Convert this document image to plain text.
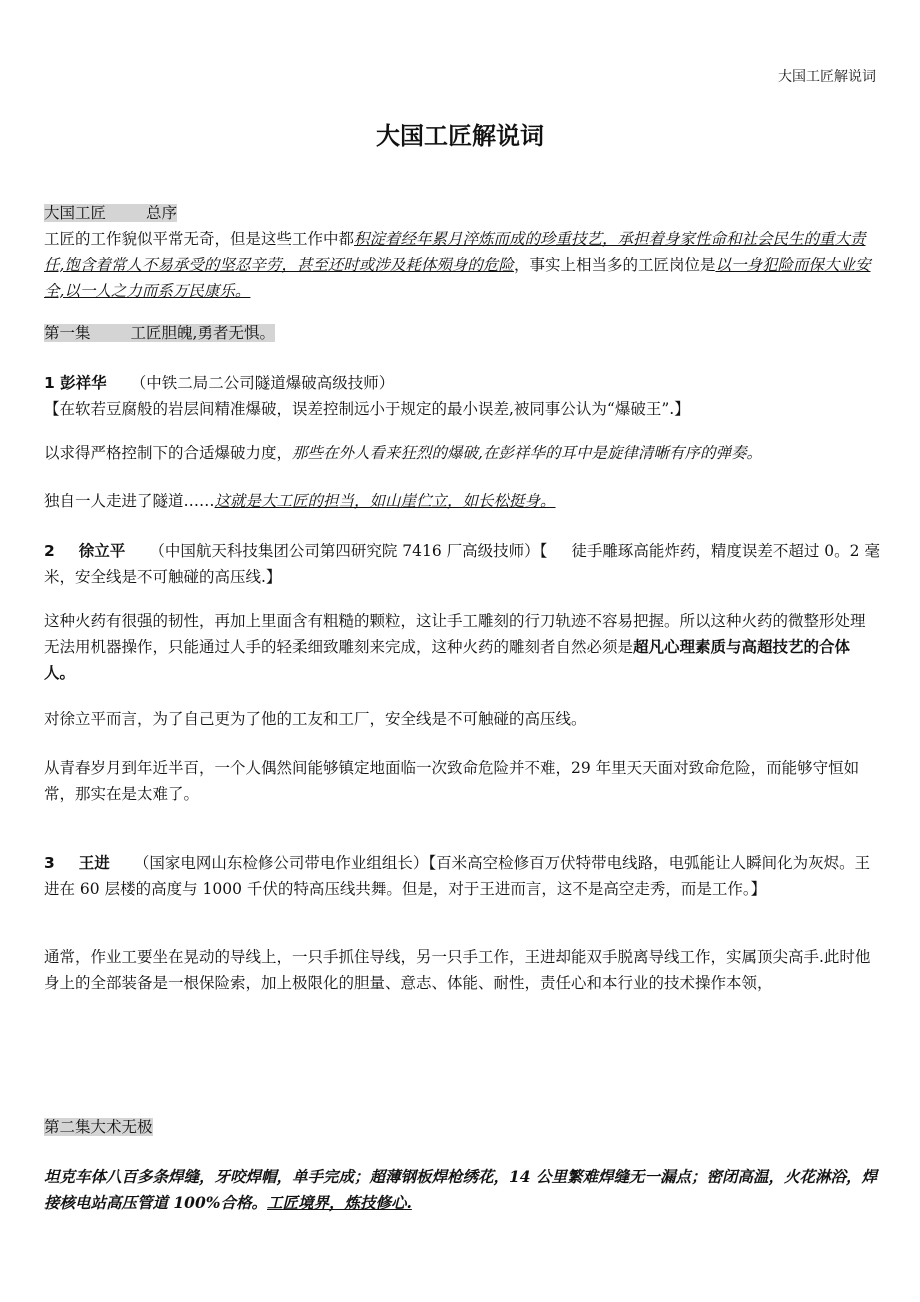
大国工匠解说词
大国工匠解说词
大国工匠	总序
工匠的工作貌似平常无奇，但是这些工作中都积淀着经年累月淬炼而成的珍重技艺，承担着身家性命和社会民生的重大责任,饱含着常人不易承受的坚忍辛劳，甚至还时或涉及耗体殒身的危险，事实上相当多的工匠岗位是以一身犯险而保大业安全,以一人之力而系万民康乐。
第一集	工匠胆魄,勇者无惧。
1 彭祥华 （中铁二局二公司隧道爆破高级技师）
【在软若豆腐般的岩层间精准爆破，误差控制远小于规定的最小误差,被同事公认为“爆破王”.】
以求得严格控制下的合适爆破力度，那些在外人看来狂烈的爆破,在彭祥华的耳中是旋律清晰有序的弹奏。
独自一人走进了隧道……这就是大工匠的担当，如山崖伫立，如长松挺身。
2 徐立平 （中国航天科技集团公司第四研究院 7416 厂高级技师）【 徒手雕琢高能炸药，精度误差不超过 0。2 毫米，安全线是不可触碰的高压线.】
这种火药有很强的韧性，再加上里面含有粗糙的颗粒，这让手工雕刻的行刀轨迹不容易把握。所以这种火药的微整形处理无法用机器操作，只能通过人手的轻柔细致雕刻来完成，这种火药的雕刻者自然必须是超凡心理素质与高超技艺的合体人。
对徐立平而言，为了自己更为了他的工友和工厂，安全线是不可触碰的高压线。
从青春岁月到年近半百，一个人偶然间能够镇定地面临一次致命危险并不难，29 年里天天面对致命危险，而能够守恒如常，那实在是太难了。
3 王进 （国家电网山东检修公司带电作业组组长）【百米高空检修百万伏特带电线路，电弧能让人瞬间化为灰烬。王进在 60 层楼的高度与 1000 千伏的特高压线共舞。但是，对于王进而言，这不是高空走秀，而是工作。】
通常，作业工要坐在晃动的导线上，一只手抓住导线，另一只手工作，王进却能双手脱离导线工作，实属顶尖高手.此时他身上的全部装备是一根保险索，加上极限化的胆量、意志、体能、耐性，责任心和本行业的技术操作本领，
第二集大术无极
坦克车体八百多条焊缝，牙咬焊帽，单手完成；超薄钢板焊枪绣花，14 公里繁难焊缝无一漏点；密闭高温，火花淋浴，焊接核电站高压管道 100%合格。工匠境界，炼技修心.
